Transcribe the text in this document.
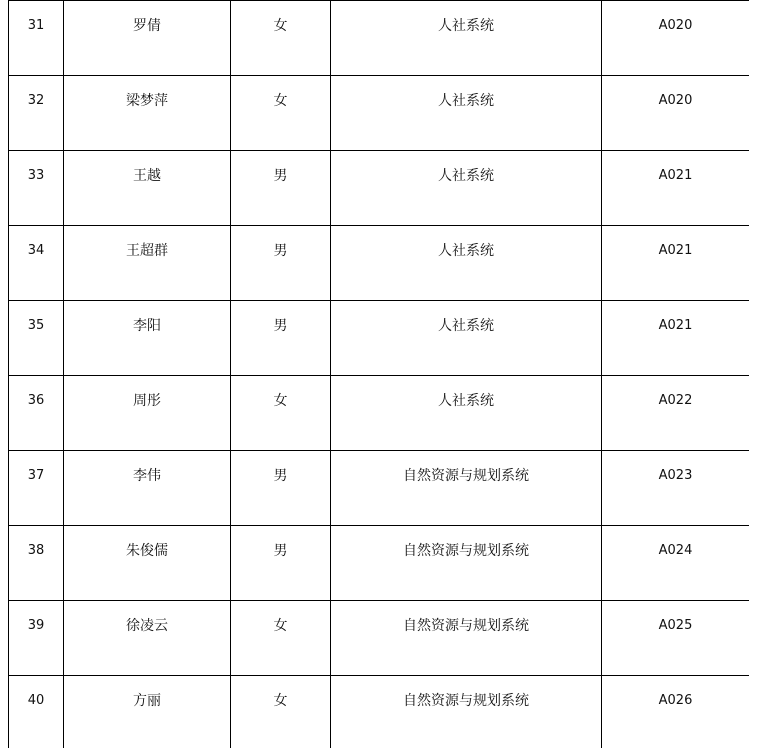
31	罗倩	女	人社系统	A020

32	梁梦萍	女	人社系统	A020

33	王越	男	人社系统	A021

34	王超群	男	人社系统	A021

35	李阳	男	人社系统	A021

36	周彤	女	人社系统	A022

37	李伟	男	自然资源与规划系统	A023

38	朱俊儒	男	自然资源与规划系统	A024

39	徐凌云	女	自然资源与规划系统	A025

40	方丽	女	自然资源与规划系统	A026
